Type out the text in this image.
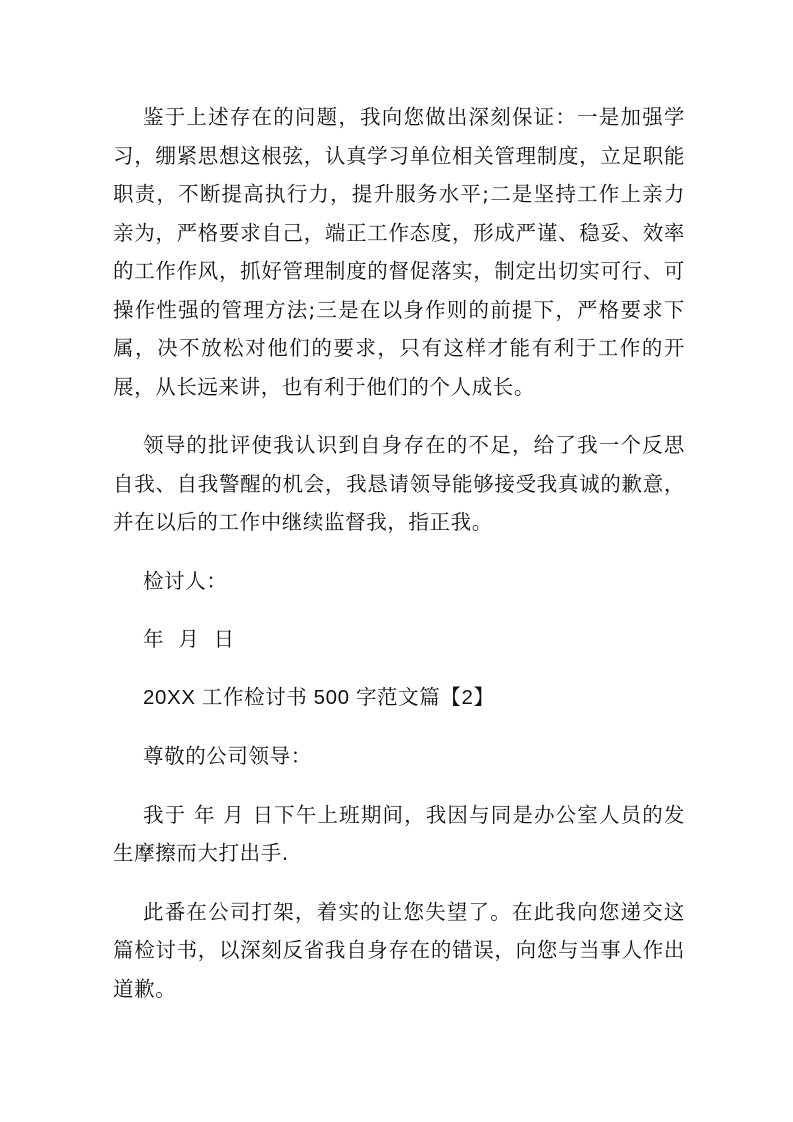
鉴于上述存在的问题，我向您做出深刻保证：一是加强学习，绷紧思想这根弦，认真学习单位相关管理制度，立足职能职责，不断提高执行力，提升服务水平;二是坚持工作上亲力亲为，严格要求自己，端正工作态度，形成严谨、稳妥、效率的工作作风，抓好管理制度的督促落实，制定出切实可行、可操作性强的管理方法;三是在以身作则的前提下，严格要求下属，决不放松对他们的要求，只有这样才能有利于工作的开展，从长远来讲，也有利于他们的个人成长。

领导的批评使我认识到自身存在的不足，给了我一个反思自我、自我警醒的机会，我恳请领导能够接受我真诚的歉意，并在以后的工作中继续监督我，指正我。

检讨人：

年  月  日

20XX 工作检讨书 500 字范文篇【2】

尊敬的公司领导：

我于 年 月 日下午上班期间，我因与同是办公室人员的发生摩擦而大打出手.

此番在公司打架，着实的让您失望了。在此我向您递交这篇检讨书，以深刻反省我自身存在的错误，向您与当事人作出道歉。
